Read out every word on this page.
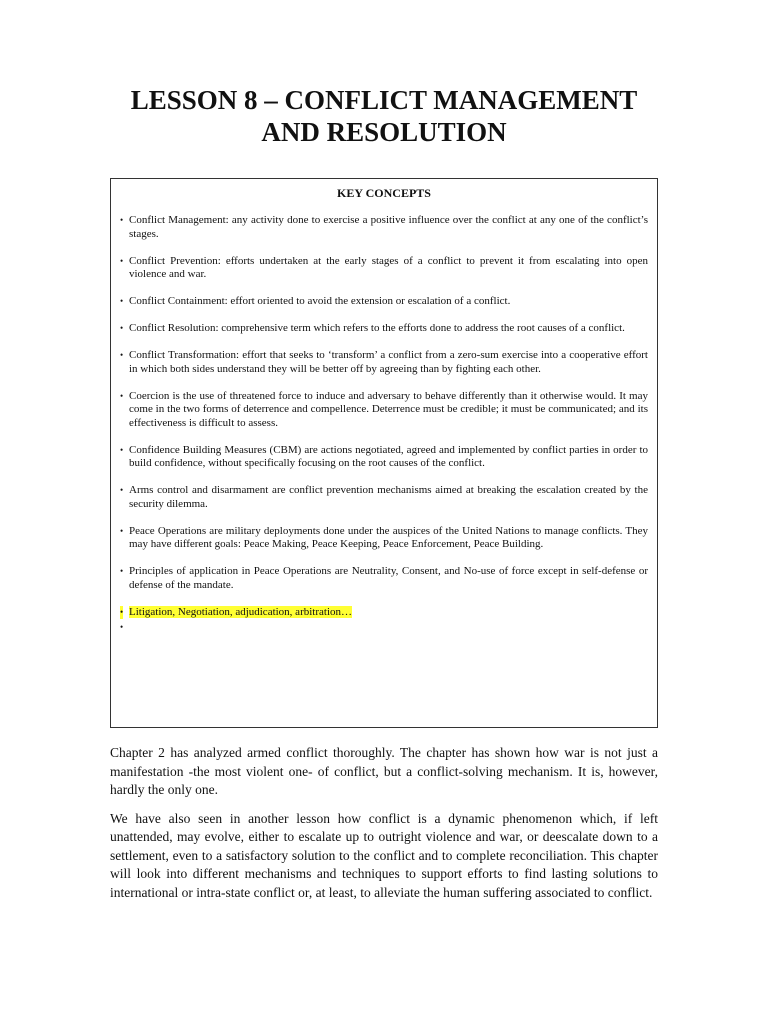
LESSON 8 – CONFLICT MANAGEMENT
AND RESOLUTION
KEY CONCEPTS
• Conflict Management: any activity done to exercise a positive influence over the conflict at any one of the conflict’s stages.
• Conflict Prevention: efforts undertaken at the early stages of a conflict to prevent it from escalating into open violence and war.
• Conflict Containment: effort oriented to avoid the extension or escalation of a conflict.
• Conflict Resolution: comprehensive term which refers to the efforts done to address the root causes of a conflict.
• Conflict Transformation: effort that seeks to ‘transform’ a conflict from a zero-sum exercise into a cooperative effort in which both sides understand they will be better off by agreeing than by fighting each other.
• Coercion is the use of threatened force to induce and adversary to behave differently than it otherwise would. It may come in the two forms of deterrence and compellence. Deterrence must be credible; it must be communicated; and its effectiveness is difficult to assess.
• Confidence Building Measures (CBM) are actions negotiated, agreed and implemented by conflict parties in order to build confidence, without specifically focusing on the root causes of the conflict.
• Arms control and disarmament are conflict prevention mechanisms aimed at breaking the escalation created by the security dilemma.
• Peace Operations are military deployments done under the auspices of the United Nations to manage conflicts. They may have different goals: Peace Making, Peace Keeping, Peace Enforcement, Peace Building.
• Principles of application in Peace Operations are Neutrality, Consent, and No-use of force except in self-defense or defense of the mandate.
• Litigation, Negotiation, adjudication, arbitration…
•

Chapter 2 has analyzed armed conflict thoroughly. The chapter has shown how war is not just a manifestation -the most violent one- of conflict, but a conflict-solving mechanism. It is, however, hardly the only one.

We have also seen in another lesson how conflict is a dynamic phenomenon which, if left unattended, may evolve, either to escalate up to outright violence and war, or deescalate down to a settlement, even to a satisfactory solution to the conflict and to complete reconciliation. This chapter will look into different mechanisms and techniques to support efforts to find lasting solutions to international or intra-state conflict or, at least, to alleviate the human suffering associated to conflict.
